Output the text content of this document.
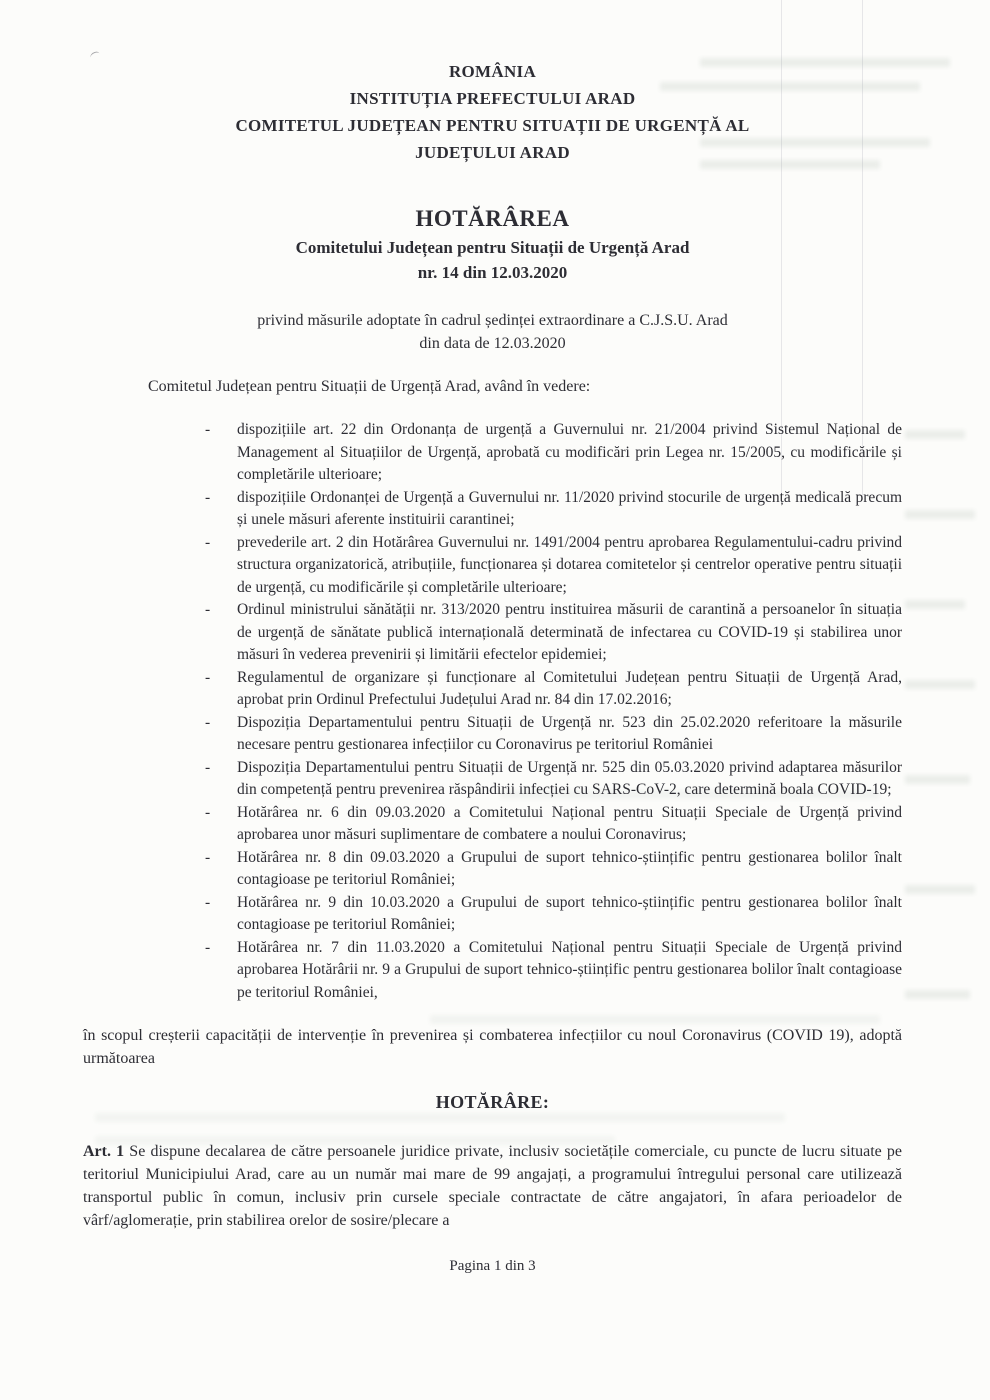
ROMÂNIA
INSTITUȚIA PREFECTULUI ARAD
COMITETUL JUDEȚEAN PENTRU SITUAȚII DE URGENȚĂ AL
JUDEȚULUI ARAD
HOTĂRÂREA
Comitetului Județean pentru Situații de Urgență Arad
nr. 14 din 12.03.2020
privind măsurile adoptate în cadrul ședinței extraordinare a C.J.S.U. Arad
din data de 12.03.2020

Comitetul Județean pentru Situații de Urgență Arad, având în vedere:

- dispozițiile art. 22 din Ordonanța de urgență a Guvernului nr. 21/2004 privind Sistemul Național de Management al Situațiilor de Urgență, aprobată cu modificări prin Legea nr. 15/2005, cu modificările și completările ulterioare;
- dispozițiile Ordonanței de Urgență a Guvernului nr. 11/2020 privind stocurile de urgență medicală precum și unele măsuri aferente instituirii carantinei;
- prevederile art. 2 din Hotărârea Guvernului nr. 1491/2004 pentru aprobarea Regulamentului-cadru privind structura organizatorică, atribuțiile, funcționarea și dotarea comitetelor și centrelor operative pentru situații de urgență, cu modificările și completările ulterioare;
- Ordinul ministrului sănătății nr. 313/2020 pentru instituirea măsurii de carantină a persoanelor în situația de urgență de sănătate publică internațională determinată de infectarea cu COVID-19 și stabilirea unor măsuri în vederea prevenirii și limitării efectelor epidemiei;
- Regulamentul de organizare și funcționare al Comitetului Județean pentru Situații de Urgență Arad, aprobat prin Ordinul Prefectului Județului Arad nr. 84 din 17.02.2016;
- Dispoziția Departamentului pentru Situații de Urgență nr. 523 din 25.02.2020 referitoare la măsurile necesare pentru gestionarea infecțiilor cu Coronavirus pe teritoriul României
- Dispoziția Departamentului pentru Situații de Urgență nr. 525 din 05.03.2020 privind adaptarea măsurilor din competență pentru prevenirea răspândirii infecției cu SARS-CoV-2, care determină boala COVID-19;
- Hotărârea nr. 6 din 09.03.2020 a Comitetului Național pentru Situații Speciale de Urgență privind aprobarea unor măsuri suplimentare de combatere a noului Coronavirus;
- Hotărârea nr. 8 din 09.03.2020 a Grupului de suport tehnico-științific pentru gestionarea bolilor înalt contagioase pe teritoriul României;
- Hotărârea nr. 9 din 10.03.2020 a Grupului de suport tehnico-științific pentru gestionarea bolilor înalt contagioase pe teritoriul României;
- Hotărârea nr. 7 din 11.03.2020 a Comitetului Național pentru Situații Speciale de Urgență privind aprobarea Hotărârii nr. 9 a Grupului de suport tehnico-științific pentru gestionarea bolilor înalt contagioase pe teritoriul României,

în scopul creșterii capacității de intervenție în prevenirea și combaterea infecțiilor cu noul Coronavirus (COVID 19), adoptă următoarea

HOTĂRÂRE:

Art. 1 Se dispune decalarea de către persoanele juridice private, inclusiv societățile comerciale, cu puncte de lucru situate pe teritoriul Municipiului Arad, care au un număr mai mare de 99 angajați, a programului întregului personal care utilizează transportul public în comun, inclusiv prin cursele speciale contractate de către angajatori, în afara perioadelor de vârf/aglomerație, prin stabilirea orelor de sosire/plecare a

Pagina 1 din 3
